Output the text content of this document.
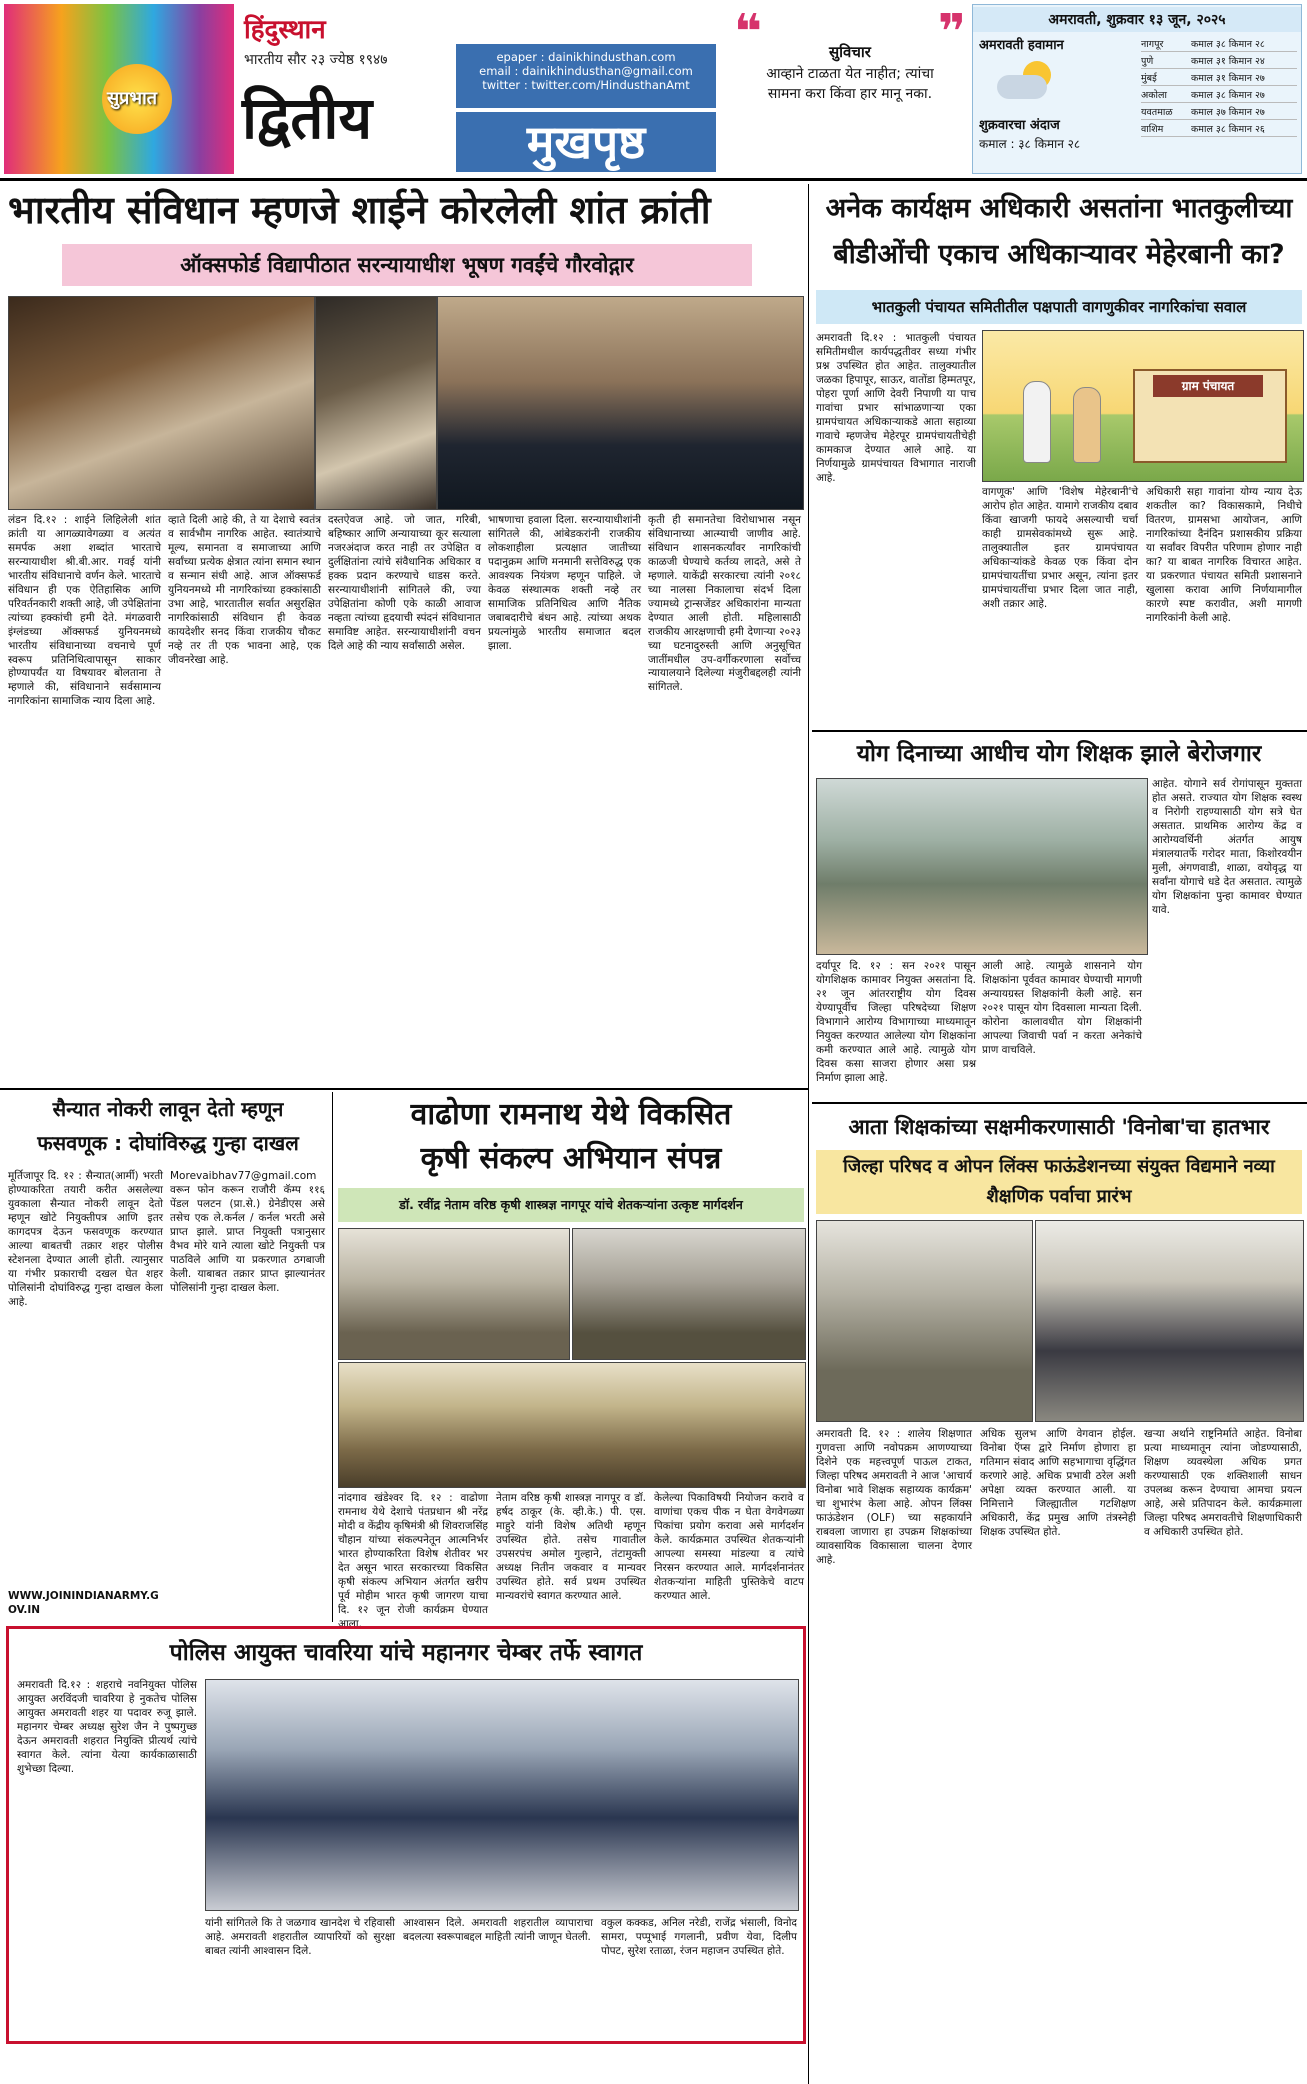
सुप्रभात
हिंदुस्थान
भारतीय सौर २३ ज्येष्ठ १९४७
द्वितीय
epaper : dainikhindusthan.com
email : dainikhindusthan@gmail.com
twitter : twitter.com/HindusthanAmt
मुखपृष्ठ
❝	❞
सुविचार
आव्हाने टाळता येत नाहीत; त्यांचा सामना करा किंवा हार मानू नका.
अमरावती, शुक्रवार १३ जून, २०२५
अमरावती हवामान
शुक्रवारचा अंदाज
कमाल : ३८ किमान २८
नागपूर	कमाल ३८ किमान २८
पुणे	कमाल ३१ किमान २४
मुंबई	कमाल ३१ किमान २७
अकोला	कमाल ३८ किमान २७
यवतमाळ	कमाल ३७ किमान २७
वाशिम	कमाल ३८ किमान २६
भारतीय संविधान म्हणजे शाईने कोरलेली शांत क्रांती
ऑक्सफोर्ड विद्यापीठात सरन्यायाधीश भूषण गवईंचे गौरवोद्गार
लंडन दि.१२ : शाईने लिहिलेली शांत क्रांती या आगळ्यावेगळ्या व अत्यंत समर्पक अशा शब्दांत भारताचे सरन्यायाधीश श्री.बी.आर. गवई यांनी भारतीय संविधानाचे वर्णन केले. भारताचे संविधान ही एक ऐतिहासिक आणि परिवर्तनकारी शक्ती आहे, जी उपेक्षितांना त्यांच्या हक्कांची हमी देते. मंगळवारी इंग्लंडच्या ऑक्सफर्ड युनियनमध्ये भारतीय संविधानाच्या वचनाचे पूर्ण स्वरूप प्रतिनिधित्वापासून साकार होण्यापर्यंत या विषयावर बोलताना ते म्हणाले की, संविधानाने सर्वसामान्य नागरिकांना सामाजिक न्याय दिला आहे.
व्हाते दिली आहे की, ते या देशाचे स्वतंत्र व सार्वभौम नागरिक आहेत. स्वातंत्र्याचे मूल्य, समानता व समाजाच्या आणि सर्वांच्या प्रत्येक क्षेत्रात त्यांना समान स्थान व सन्मान संधी आहे. आज ऑक्सफर्ड युनियनमध्ये मी नागरिकांच्या हक्कांसाठी उभा आहे, भारतातील सर्वात असुरक्षित नागरिकांसाठी संविधान ही केवळ कायदेशीर सनद किंवा राजकीय चौकट नव्हे तर ती एक भावना आहे, एक जीवनरेखा आहे.
दस्तऐवज आहे. जो जात, गरिबी, बहिष्कार आणि अन्यायाच्या कूर सत्याला नजरअंदाज करत नाही तर उपेक्षित व दुर्लक्षितांना त्यांचे संवैधानिक अधिकार व हक्क प्रदान करण्याचे धाडस करते. सरन्यायाधीशांनी सांगितले की, ज्या उपेक्षितांना कोणी एके काळी आवाज नव्हता त्यांच्या हृदयाची स्पंदनं संविधानात समाविष्ट आहेत. सरन्यायाधीशांनी वचन दिले आहे की न्याय सर्वांसाठी असेल.
भाषणाचा हवाला दिला. सरन्यायाधीशांनी सांगितले की, आंबेडकरांनी राजकीय लोकशाहीला प्रत्यक्षात जातीच्या पदानुक्रम आणि मनमानी सत्तेविरुद्ध एक आवश्यक नियंत्रण म्हणून पाहिले. जे केवळ संस्थात्मक शक्ती नव्हे तर सामाजिक प्रतिनिधित्व आणि नैतिक जबाबदारीचे बंधन आहे. त्यांच्या अथक प्रयत्नांमुळे भारतीय समाजात बदल झाला.
कृती ही समानतेचा विरोधाभास नसून संविधानाच्या आत्म्याची जाणीव आहे. संविधान शासनकर्त्यांवर नागरिकांची काळजी घेण्याचे कर्तव्य लादते, असे ते म्हणाले. याकेंद्री सरकारचा त्यांनी २०१८ च्या नालसा निकालाचा संदर्भ दिला ज्यामध्ये ट्रान्सजेंडर अधिकारांना मान्यता देण्यात आली होती. महिलासाठी राजकीय आरक्षणाची हमी देणाऱ्या २०२३ च्या घटनादुरुस्ती आणि अनुसूचित जातींमधील उप-वर्गीकरणाला सर्वोच्च न्यायालयाने दिलेल्या मंजुरीबद्दलही त्यांनी सांगितले.
अनेक कार्यक्षम अधिकारी असतांना भातकुलीच्या बीडीओंची एकाच अधिकाऱ्यावर मेहेरबानी का?
भातकुली पंचायत समितीतील पक्षपाती वागणुकीवर नागरिकांचा सवाल
अमरावती दि.१२ : भातकुली पंचायत समितीमधील कार्यपद्धतीवर सध्या गंभीर प्रश्न उपस्थित होत आहेत. तालुक्यातील जळका हिपापूर, साऊर, वातोंडा हिम्मतपूर, पोहरा पूर्णा आणि देवरी निपाणी या पाच गावांचा प्रभार सांभाळणाऱ्या एका ग्रामपंचायत अधिकाऱ्याकडे आता सहाव्या गावाचे म्हणजेच मेहेरपूर ग्रामपंचायतीचेही कामकाज देण्यात आले आहे. या निर्णयामुळे ग्रामपंचायत विभागात नाराजी आहे.
ग्राम पंचायत
वागणूक' आणि 'विशेष मेहेरबानी'चे आरोप होत आहेत. यामागे राजकीय दबाव किंवा खाजगी फायदे असल्याची चर्चा काही ग्रामसेवकांमध्ये सुरू आहे. तालुक्यातील इतर ग्रामपंचायत अधिकाऱ्यांकडे केवळ एक किंवा दोन ग्रामपंचायतींचा प्रभार असून, त्यांना इतर ग्रामपंचायतींचा प्रभार दिला जात नाही, अशी तक्रार आहे.
अधिकारी सहा गावांना योग्य न्याय देऊ शकतील का? विकासकामे, निधीचे वितरण, ग्रामसभा आयोजन, आणि नागरिकांच्या दैनंदिन प्रशासकीय प्रक्रिया या सर्वांवर विपरीत परिणाम होणार नाही का? या बाबत नागरिक विचारत आहेत. या प्रकरणात पंचायत समिती प्रशासनाने खुलासा करावा आणि निर्णयामागील कारणे स्पष्ट करावीत, अशी मागणी नागरिकांनी केली आहे.
योग दिनाच्या आधीच योग शिक्षक झाले बेरोजगार
आहेत. योगाने सर्व रोगांपासून मुक्तता होत असते. राज्यात योग शिक्षक स्वस्थ व निरोगी राहण्यासाठी योग सत्रे घेत असतात. प्राथमिक आरोग्य केंद्र व आरोग्यवर्धिनी अंतर्गत आयुष मंत्रालयातर्फे गरोदर माता, किशोरवयीन मुली, अंगणवाडी, शाळा, वयोवृद्ध या सर्वांना योगाचे धडे देत असतात. त्यामुळे योग शिक्षकांना पुन्हा कामावर घेण्यात यावे.
दर्यापूर दि. १२ : सन २०२१ पासून योगशिक्षक कामावर नियुक्त असतांना दि. २१ जून आंतरराष्ट्रीय योग दिवस येण्यापूर्वीच जिल्हा परिषदेच्या शिक्षण विभागाने आरोग्य विभागाच्या माध्यमातून नियुक्त करण्यात आलेल्या योग शिक्षकांना कमी करण्यात आले आहे. त्यामुळे योग दिवस कसा साजरा होणार असा प्रश्न निर्माण झाला आहे.
आली आहे. त्यामुळे शासनाने योग शिक्षकांना पूर्ववत कामावर घेण्याची मागणी अन्यायग्रस्त शिक्षकांनी केली आहे. सन २०२१ पासून योग दिवसाला मान्यता दिली. कोरोना कालावधीत योग शिक्षकांनी आपल्या जिवाची पर्वा न करता अनेकांचे प्राण वाचविले.
सैन्यात नोकरी लावून देतो म्हणून
फसवणूक : दोघांविरुद्ध गुन्हा दाखल
मूर्तिजापूर दि. १२ : सैन्यात(आर्मी) भरती होण्याकरिता तयारी करीत असलेल्या युवकाला सैन्यात नोकरी लावून देतो म्हणून खोटे नियुक्तीपत्र आणि इतर कागदपत्र देऊन फसवणूक करण्यात आल्या बाबतची तक्रार शहर पोलीस स्टेशनला देण्यात आली होती. त्यानुसार या गंभीर प्रकाराची दखल घेत शहर पोलिसांनी दोघांविरुद्ध गुन्हा दाखल केला आहे.
Morevaibhav77@gmail.com वरून फोन करून राजौरी कॅम्प ११६ पेंडल पलटन (प्रा.से.) ग्रेनेडीएस असे तसेच एक ले.कर्नल / कर्नल भरती असे प्राप्त झाले. प्राप्त नियुक्ती पत्रानुसार वैभव मोरे याने त्याला खोटे नियुक्ती पत्र पाठविले आणि या प्रकरणात ठगबाजी केली. याबाबत तक्रार प्राप्त झाल्यानंतर पोलिसांनी गुन्हा दाखल केला.
WWW.JOININDIANARMY.GOV.IN
वाढोणा रामनाथ येथे विकसित
कृषी संकल्प अभियान संपन्न
डॉ. रवींद्र नेताम वरिष्ठ कृषी शास्त्रज्ञ नागपूर यांचे शेतकऱ्यांना उत्कृष्ट मार्गदर्शन
नांदगाव खंडेश्वर दि. १२ : वाढोणा रामनाथ येथे देशाचे पंतप्रधान श्री नरेंद्र मोदी व केंद्रीय कृषिमंत्री श्री शिवराजसिंह चौहान यांच्या संकल्पनेतून आत्मनिर्भर भारत होण्याकरिता विशेष शेतीवर भर देत असून भारत सरकारच्या विकसित कृषी संकल्प अभियान अंतर्गत खरीप पूर्व मोहीम भारत कृषी जागरण याचा दि. १२ जून रोजी कार्यक्रम घेण्यात आला.
नेताम वरिष्ठ कृषी शास्त्रज्ञ नागपूर व डॉ. हर्षद ठाकूर (के. व्ही.के.) पी. एस. माहुरे यांनी विशेष अतिथी म्हणून उपस्थित होते. तसेच गावातील उपसरपंच अमोल गुल्हाने, तंटामुक्ती अध्यक्ष नितीन जकवार व मान्यवर उपस्थित होते. सर्व प्रथम उपस्थित मान्यवरांचे स्वागत करण्यात आले.
केलेल्या पिकाविषयी नियोजन करावे व वाणांचा एकच पीक न घेता वेगवेगळ्या पिकांचा प्रयोग करावा असे मार्गदर्शन केले. कार्यक्रमात उपस्थित शेतकऱ्यांनी आपल्या समस्या मांडल्या व त्यांचे निरसन करण्यात आले. मार्गदर्शनानंतर शेतकऱ्यांना माहिती पुस्तिकेचे वाटप करण्यात आले.
पोलिस आयुक्त चावरिया यांचे महानगर चेम्बर तर्फे स्वागत
अमरावती दि.१२ : शहराचे नवनियुक्त पोलिस आयुक्त अरविंदजी चावरिया हे नुकतेच पोलिस आयुक्त अमरावती शहर या पदावर रुजू झाले. महानगर चेम्बर अध्यक्ष सुरेश जैन ने पुष्पगुच्छ देऊन अमरावती शहरात नियुक्ति प्रीत्यर्थ त्यांचे स्वागत केले. त्यांना येत्या कार्यकाळासाठी शुभेच्छा दिल्या.
यांनी सांगितले कि ते जळगाव खानदेश चे रहिवासी आहे. अमरावती शहरातील व्यापारियों को सुरक्षा बाबत त्यांनी आश्वासन दिले.
आश्वासन दिले. अमरावती शहरातील व्यापाराचा बदलत्या स्वरूपाबद्दल माहिती त्यांनी जाणून घेतली.
वकुल कक्कड, अनिल नरेडी, राजेंद्र भंसाली, विनोद सामरा, पप्पूभाई गगलानी, प्रवीण येवा, दिलीप पोपट, सुरेश रताळा, रंजन महाजन उपस्थित होते.
आता शिक्षकांच्या सक्षमीकरणासाठी 'विनोबा'चा हातभार
जिल्हा परिषद व ओपन लिंक्स फाऊंडेशनच्या संयुक्त विद्यमाने नव्या शैक्षणिक पर्वाचा प्रारंभ
अमरावती दि. १२ : शालेय शिक्षणात गुणवत्ता आणि नवोपक्रम आणण्याच्या दिशेने एक महत्त्वपूर्ण पाऊल टाकत, जिल्हा परिषद अमरावती ने आज 'आचार्य विनोबा भावे शिक्षक सहाय्यक कार्यक्रम' चा शुभारंभ केला आहे. ओपन लिंक्स फाऊंडेशन (OLF) च्या सहकार्याने राबवला जाणारा हा उपक्रम शिक्षकांच्या व्यावसायिक विकासाला चालना देणार आहे.
अधिक सुलभ आणि वेगवान होईल. विनोबा ऍप्स द्वारे निर्माण होणारा हा गतिमान संवाद आणि सहभागाचा वृद्धिंगत करणारे आहे. अधिक प्रभावी ठरेल अशी अपेक्षा व्यक्त करण्यात आली. या निमित्ताने जिल्ह्यातील गटशिक्षण अधिकारी, केंद्र प्रमुख आणि तंत्रस्नेही शिक्षक उपस्थित होते.
खऱ्या अर्थाने राष्ट्रनिर्माते आहेत. विनोबा प्रत्या माध्यमातून त्यांना जोडण्यासाठी, शिक्षण व्यवस्थेला अधिक प्रगत करण्यासाठी एक शक्तिशाली साधन उपलब्ध करून देण्याचा आमचा प्रयत्न आहे, असे प्रतिपादन केले. कार्यक्रमाला जिल्हा परिषद अमरावतीचे शिक्षणाधिकारी व अधिकारी उपस्थित होते.
